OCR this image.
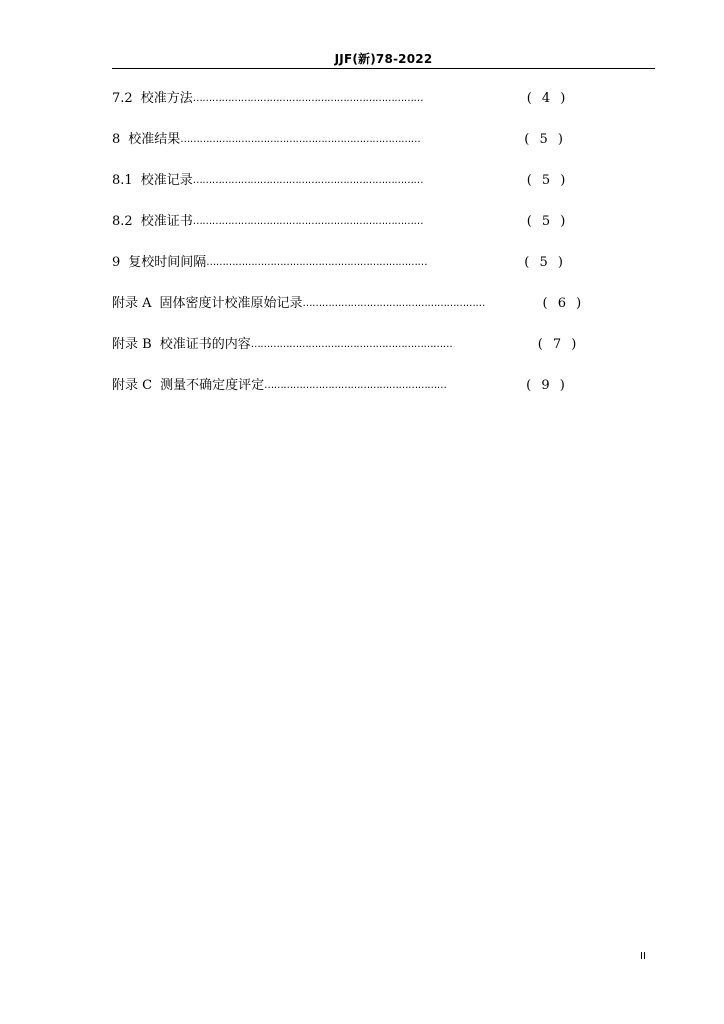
JJF(新)78-2022
7.2 校准方法………………………………………………………………	( 4 )
8 校准结果…………………………………………………………………	( 5 )
8.1 校准记录………………………………………………………………	( 5 )
8.2 校准证书………………………………………………………………	( 5 )
9 复校时间间隔……………………………………………………………	( 5 )
附录 A 固体密度计校准原始记录…………………………………………………	( 6 )
附录 B 校准证书的内容………………………………………………………	( 7 )
附录 C 测量不确定度评定…………………………………………………	( 9 )
II
